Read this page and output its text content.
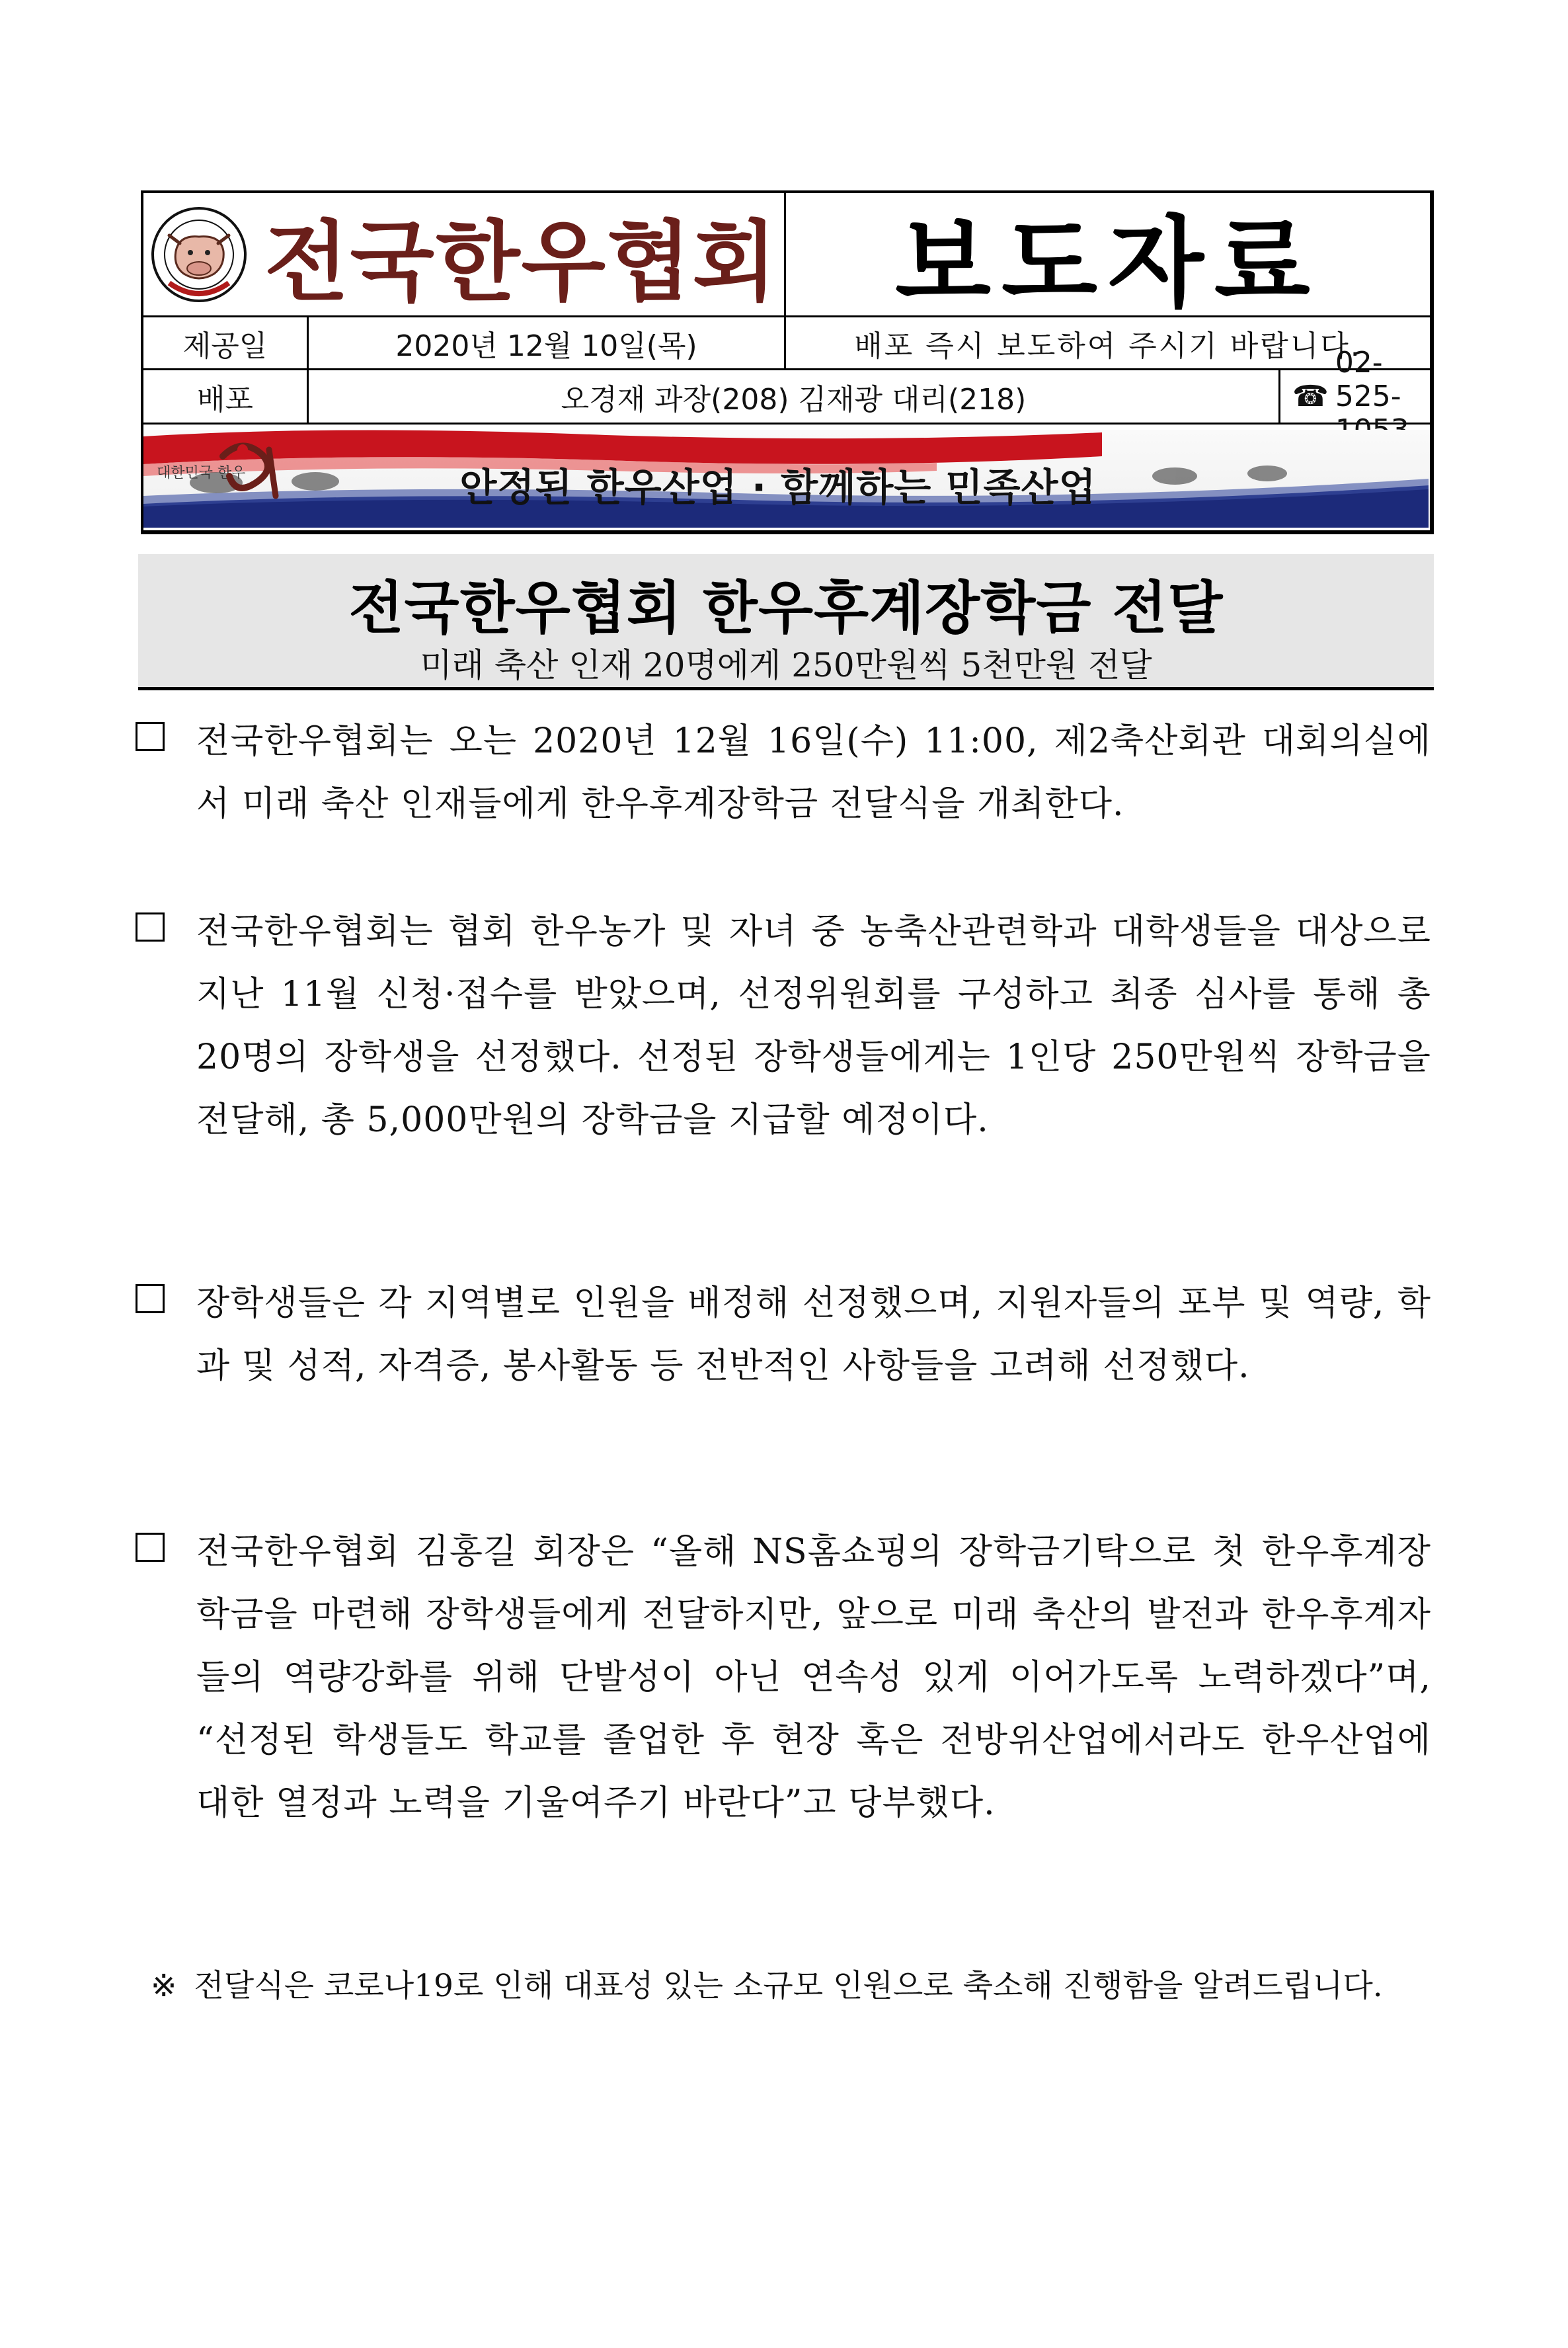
전국한우협회 보도자료
제공일	2020년 12월 10일(목)	배포 즉시 보도하여 주시기 바랍니다.
배포	오경재 과장(208) 김재광 대리(218)	☎
02-525-
안정된 한우산업 · 함께하는 민족산업
대한민국 한우
전국한우협회 한우후계장학금 전달
미래 축산 인재 20명에게 250만원씩 5천만원 전달

전국한우협회는 오는 2020년 12월 16일(수) 11:00, 제2축산회관 대회의실에서 미래 축산 인재들에게 한우후계장학금 전달식을 개최한다.

전국한우협회는 협회 한우농가 및 자녀 중 농축산관련학과 대학생들을 대상으로 지난 11월 신청·접수를 받았으며, 선정위원회를 구성하고 최종 심사를 통해 총 20명의 장학생을 선정했다. 선정된 장학생들에게는 1인당 250만원씩 장학금을 전달해, 총 5,000만원의 장학금을 지급할 예정이다.

장학생들은 각 지역별로 인원을 배정해 선정했으며, 지원자들의 포부 및 역량, 학과 및 성적, 자격증, 봉사활동 등 전반적인 사항들을 고려해 선정했다.

전국한우협회 김홍길 회장은 “올해 NS홈쇼핑의 장학금기탁으로 첫 한우후계장학금을 마련해 장학생들에게 전달하지만, 앞으로 미래 축산의 발전과 한우후계자들의 역량강화를 위해 단발성이 아닌 연속성 있게 이어가도록 노력하겠다”며, “선정된 학생들도 학교를 졸업한 후 현장 혹은 전방위산업에서라도 한우산업에 대한 열정과 노력을 기울여주기 바란다”고 당부했다.

※ 전달식은 코로나19로 인해 대표성 있는 소규모 인원으로 축소해 진행함을 알려드립니다.
